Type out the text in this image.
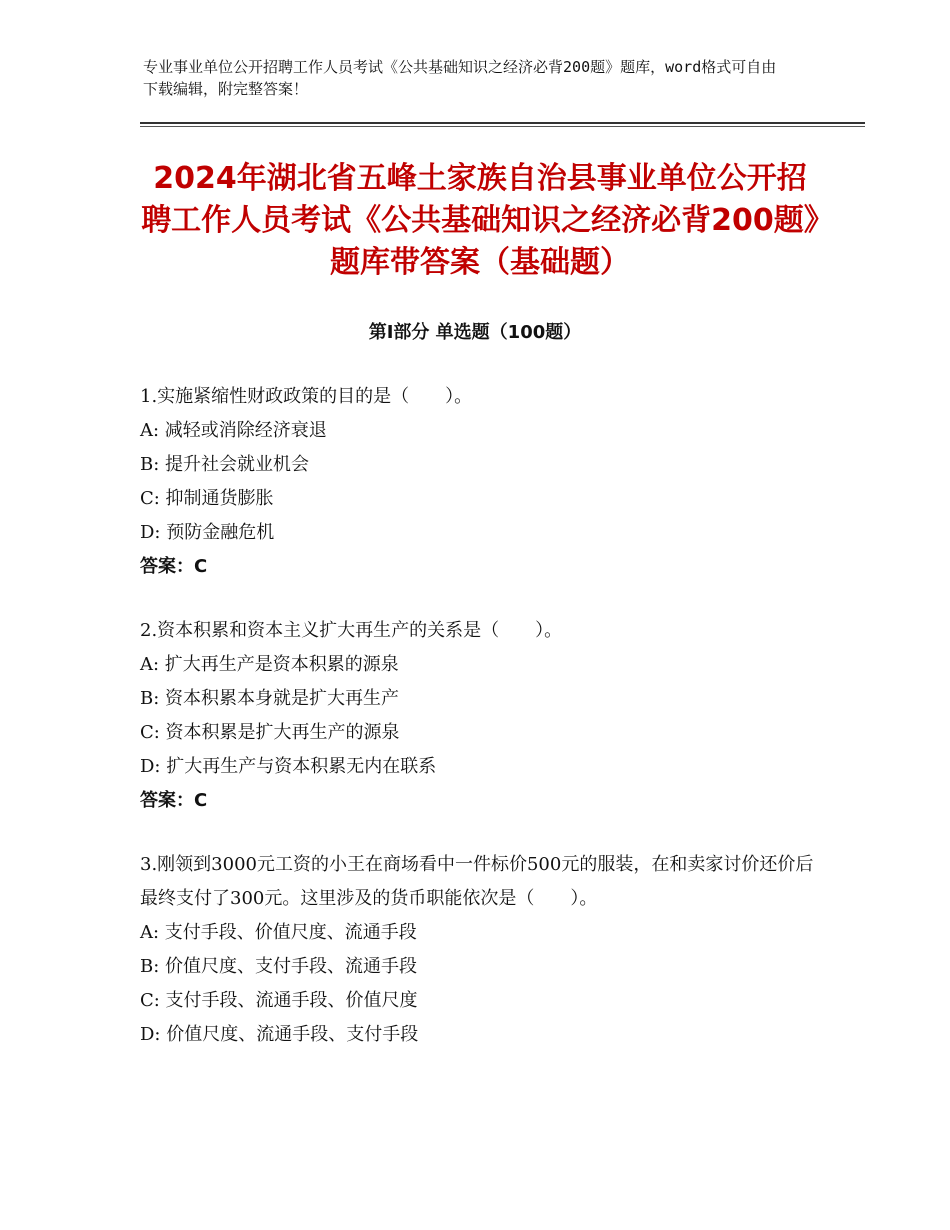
专业事业单位公开招聘工作人员考试《公共基础知识之经济必背200题》题库，word格式可自由下载编辑，附完整答案！
2024年湖北省五峰土家族自治县事业单位公开招聘工作人员考试《公共基础知识之经济必背200题》题库带答案（基础题）
第Ⅰ部分 单选题（100题）

1.实施紧缩性财政政策的目的是（　　）。

A: 减轻或消除经济衰退

B: 提升社会就业机会

C: 抑制通货膨胀

D: 预防金融危机

答案：C

2.资本积累和资本主义扩大再生产的关系是（　　）。

A: 扩大再生产是资本积累的源泉

B: 资本积累本身就是扩大再生产

C: 资本积累是扩大再生产的源泉

D: 扩大再生产与资本积累无内在联系

答案：C

3.刚领到3000元工资的小王在商场看中一件标价500元的服装，在和卖家讨价还价后最终支付了300元。这里涉及的货币职能依次是（　　）。

A: 支付手段、价值尺度、流通手段

B: 价值尺度、支付手段、流通手段

C: 支付手段、流通手段、价值尺度

D: 价值尺度、流通手段、支付手段
